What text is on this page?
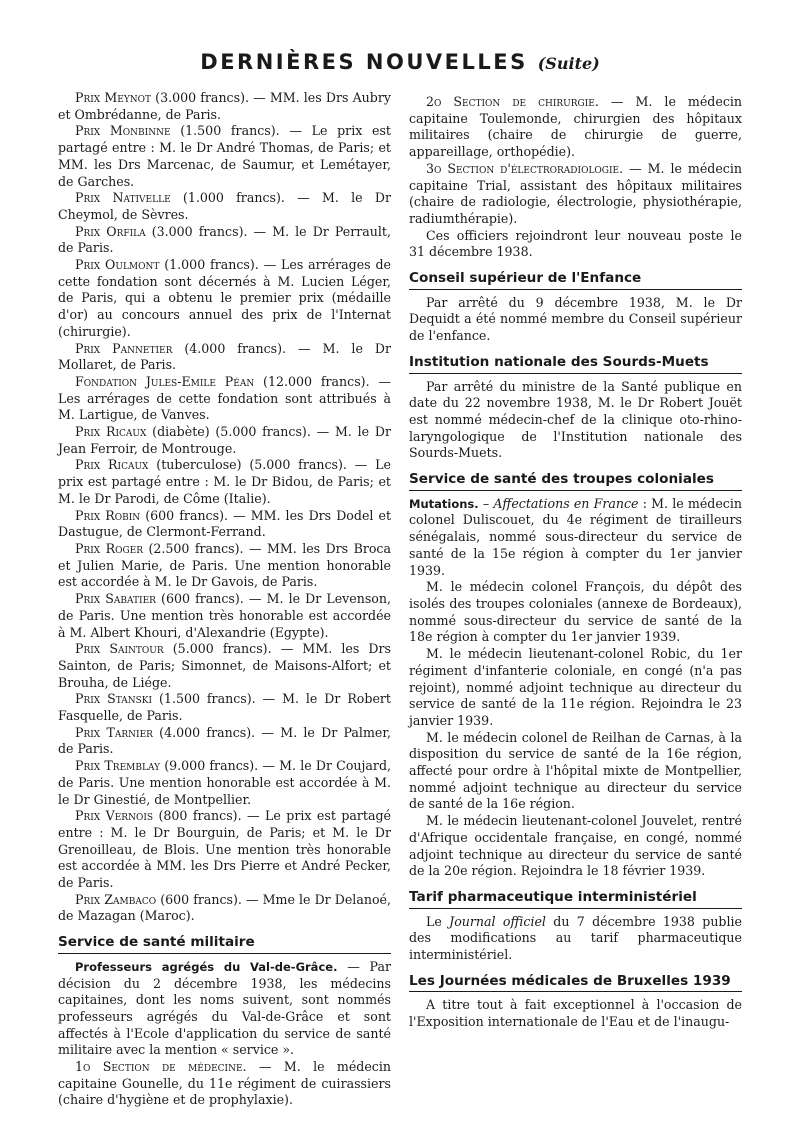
DERNIÈRES NOUVELLES (Suite)

Prix Meynot (3.000 francs). — MM. les Drs Aubry et Ombrédanne, de Paris.

Prix Monbinne (1.500 francs). — Le prix est partagé entre : M. le Dr André Thomas, de Paris; et MM. les Drs Marcenac, de Saumur, et Lemétayer, de Garches.

Prix Nativelle (1.000 francs). — M. le Dr Cheymol, de Sèvres.

Prix Orfila (3.000 francs). — M. le Dr Perrault, de Paris.

Prix Oulmont (1.000 francs). — Les arrérages de cette fondation sont décernés à M. Lucien Léger, de Paris, qui a obtenu le premier prix (médaille d'or) au concours annuel des prix de l'Internat (chirurgie).

Prix Pannetier (4.000 francs). — M. le Dr Mollaret, de Paris.

Fondation Jules-Emile Péan (12.000 francs). — Les arrérages de cette fondation sont attribués à M. Lartigue, de Vanves.

Prix Ricaux (diabète) (5.000 francs). — M. le Dr Jean Ferroir, de Montrouge.

Prix Ricaux (tuberculose) (5.000 francs). — Le prix est partagé entre : M. le Dr Bidou, de Paris; et M. le Dr Parodi, de Côme (Italie).

Prix Robin (600 francs). — MM. les Drs Dodel et Dastugue, de Clermont-Ferrand.

Prix Roger (2.500 francs). — MM. les Drs Broca et Julien Marie, de Paris. Une mention honorable est accordée à M. le Dr Gavois, de Paris.

Prix Sabatier (600 francs). — M. le Dr Levenson, de Paris. Une mention très honorable est accordée à M. Albert Khouri, d'Alexandrie (Egypte).

Prix Saintour (5.000 francs). — MM. les Drs Sainton, de Paris; Simonnet, de Maisons-Alfort; et Brouha, de Liége.

Prix Stanski (1.500 francs). — M. le Dr Robert Fasquelle, de Paris.

Prix Tarnier (4.000 francs). — M. le Dr Palmer, de Paris.

Prix Tremblay (9.000 francs). — M. le Dr Coujard, de Paris. Une mention honorable est accordée à M. le Dr Ginestié, de Montpellier.

Prix Vernois (800 francs). — Le prix est partagé entre : M. le Dr Bourguin, de Paris; et M. le Dr Grenoilleau, de Blois. Une mention très honorable est accordée à MM. les Drs Pierre et André Pecker, de Paris.

Prix Zambaco (600 francs). — Mme le Dr Delanoé, de Mazagan (Maroc).

Service de santé militaire

Professeurs agrégés du Val-de-Grâce. — Par décision du 2 décembre 1938, les médecins capitaines, dont les noms suivent, sont nommés professeurs agrégés du Val-de-Grâce et sont affectés à l'Ecole d'application du service de santé militaire avec la mention « service ».

1o Section de médecine. — M. le médecin capitaine Gounelle, du 11e régiment de cuirassiers (chaire d'hygiène et de prophylaxie).

2o Section de chirurgie. — M. le médecin capitaine Toulemonde, chirurgien des hôpitaux militaires (chaire de chirurgie de guerre, appareillage, orthopédie).

3o Section d'électroradiologie. — M. le médecin capitaine Trial, assistant des hôpitaux militaires (chaire de radiologie, électrologie, physiothérapie, radiumthérapie).

Ces officiers rejoindront leur nouveau poste le 31 décembre 1938.

Conseil supérieur de l'Enfance

Par arrêté du 9 décembre 1938, M. le Dr Dequidt a été nommé membre du Conseil supérieur de l'enfance.

Institution nationale des Sourds-Muets

Par arrêté du ministre de la Santé publique en date du 22 novembre 1938, M. le Dr Robert Jouët est nommé médecin-chef de la clinique oto-rhino-laryngologique de l'Institution nationale des Sourds-Muets.

Service de santé des troupes coloniales

Mutations. – Affectations en France : M. le médecin colonel Duliscouet, du 4e régiment de tirailleurs sénégalais, nommé sous-directeur du service de santé de la 15e région à compter du 1er janvier 1939.

M. le médecin colonel François, du dépôt des isolés des troupes coloniales (annexe de Bordeaux), nommé sous-directeur du service de santé de la 18e région à compter du 1er janvier 1939.

M. le médecin lieutenant-colonel Robic, du 1er régiment d'infanterie coloniale, en congé (n'a pas rejoint), nommé adjoint technique au directeur du service de santé de la 11e région. Rejoindra le 23 janvier 1939.

M. le médecin colonel de Reilhan de Carnas, à la disposition du service de santé de la 16e région, affecté pour ordre à l'hôpital mixte de Montpellier, nommé adjoint technique au directeur du service de santé de la 16e région.

M. le médecin lieutenant-colonel Jouvelet, rentré d'Afrique occidentale française, en congé, nommé adjoint technique au directeur du service de santé de la 20e région. Rejoindra le 18 février 1939.

Tarif pharmaceutique interministériel

Le Journal officiel du 7 décembre 1938 publie des modifications au tarif pharmaceutique interministériel.

Les Journées médicales de Bruxelles 1939

A titre tout à fait exceptionnel à l'occasion de l'Exposition internationale de l'Eau et de l'inaugu-
